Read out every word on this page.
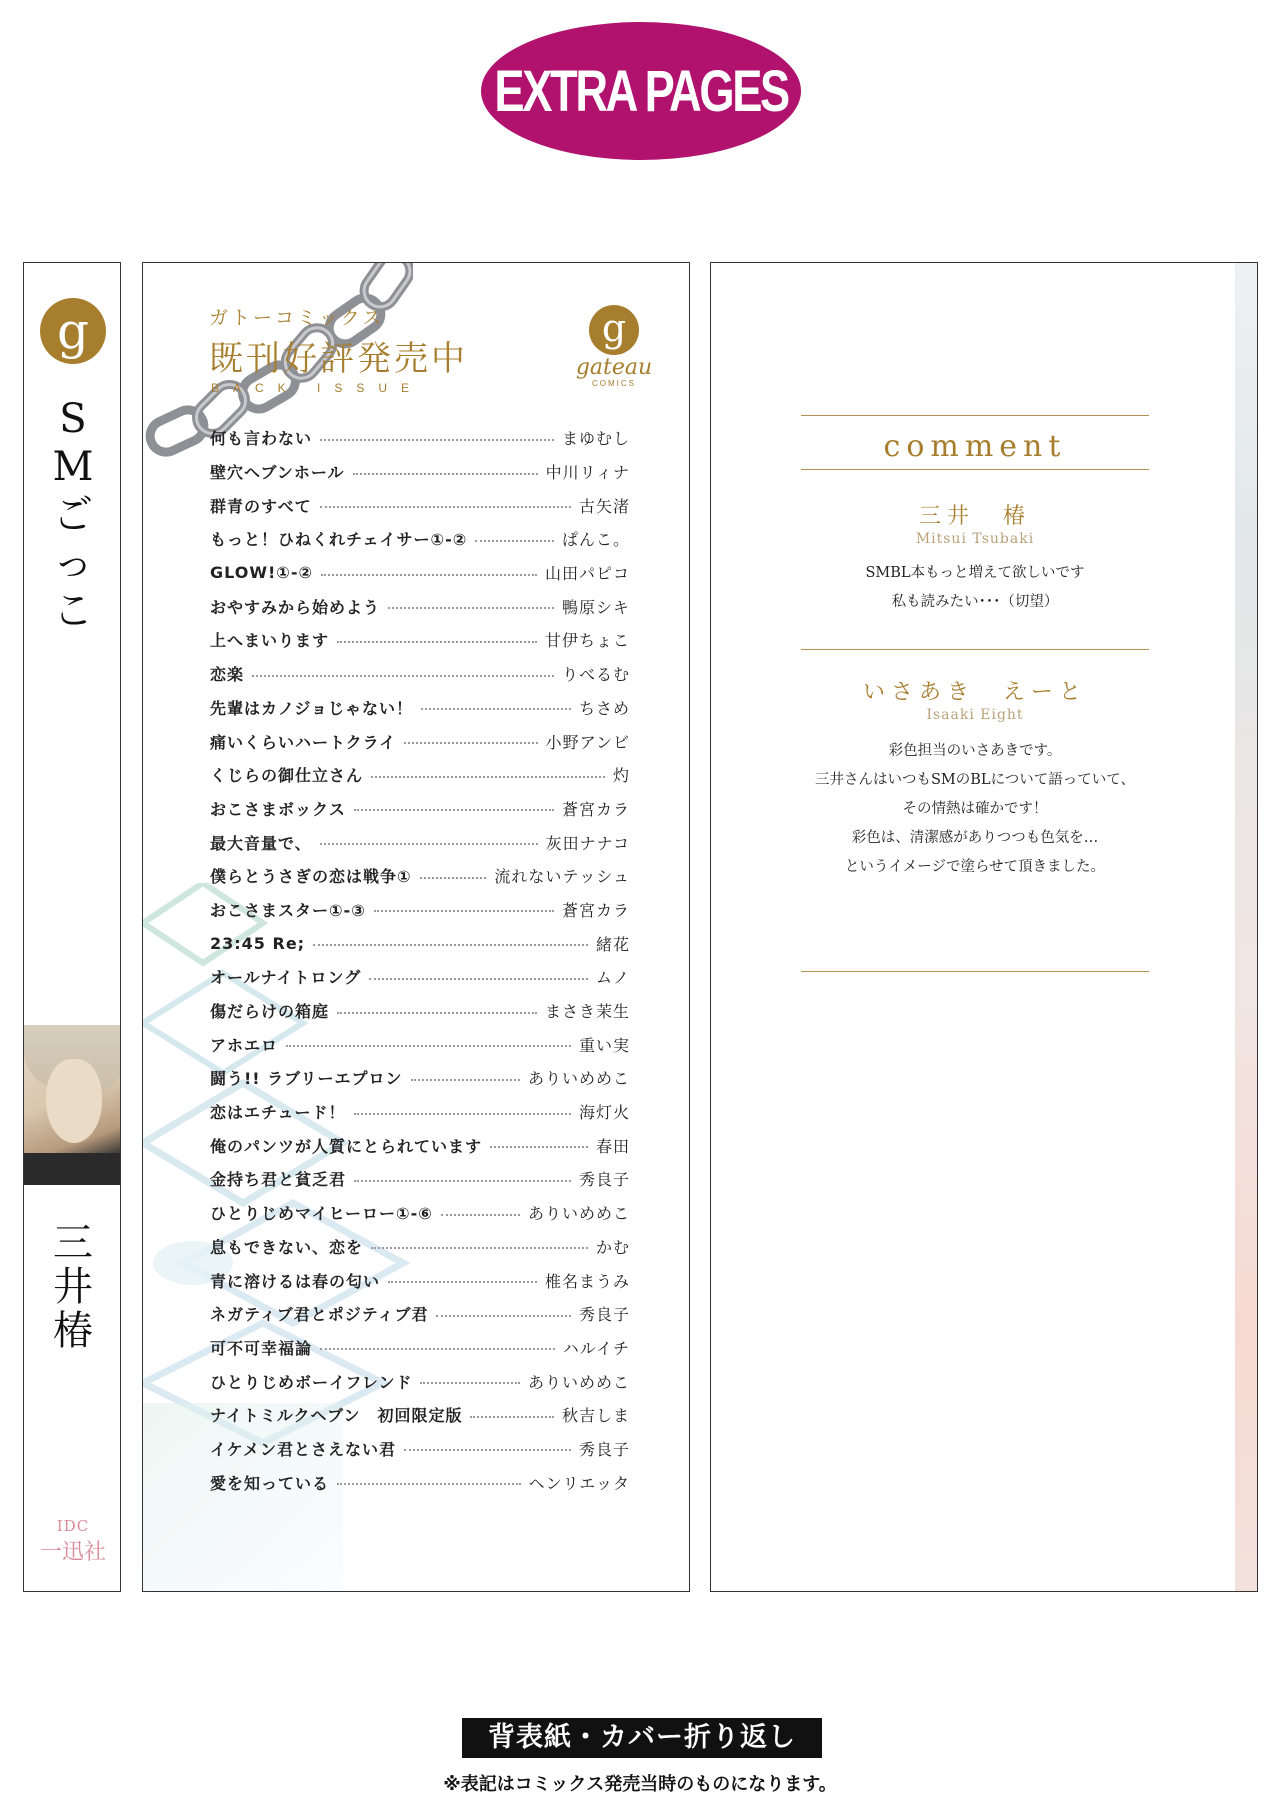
EXTRA PAGES
g
S
M
ご
っ
こ
三
井
椿
IDC
一迅社
ガトーコミックス
既刊好評発売中
BACK ISSUE
g
gateau
COMICS
何も言わない	まゆむし
壁穴ヘブンホール	中川リィナ
群青のすべて	古矢渚
もっと！ひねくれチェイサー①-②	ぱんこ。
GLOW!①-②	山田パピコ
おやすみから始めよう	鴨原シキ
上へまいります	甘伊ちょこ
恋楽	りべるむ
先輩はカノジョじゃない！	ちさめ
痛いくらいハートクライ	小野アンビ
くじらの御仕立さん	灼
おこさまボックス	蒼宮カラ
最大音量で、	灰田ナナコ
僕らとうさぎの恋は戦争①	流れないテッシュ
おこさまスター①-③	蒼宮カラ
23:45 Re;	緒花
オールナイトロング	ムノ
傷だらけの箱庭	まさき茉生
アホエロ	重い実
闘う!! ラブリーエプロン	ありいめめこ
恋はエチュード！	海灯火
俺のパンツが人質にとられています	春田
金持ち君と貧乏君	秀良子
ひとりじめマイヒーロー①-⑥	ありいめめこ
息もできない、恋を	かむ
青に溶けるは春の匂い	椎名まうみ
ネガティブ君とポジティブ君	秀良子
可不可幸福論	ハルイチ
ひとりじめボーイフレンド	ありいめめこ
ナイトミルクヘブン　初回限定版	秋吉しま
イケメン君とさえない君	秀良子
愛を知っている	ヘンリエッタ
comment
三井　椿
Mitsui Tsubaki
SMBL本もっと増えて欲しいです
私も読みたい･･･（切望）
いさあき　えーと
Isaaki Eight
彩色担当のいさあきです。
三井さんはいつもSMのBLについて語っていて、
その情熱は確かです！
彩色は、清潔感がありつつも色気を…
というイメージで塗らせて頂きました。
背表紙・カバー折り返し
※表記はコミックス発売当時のものになります。
